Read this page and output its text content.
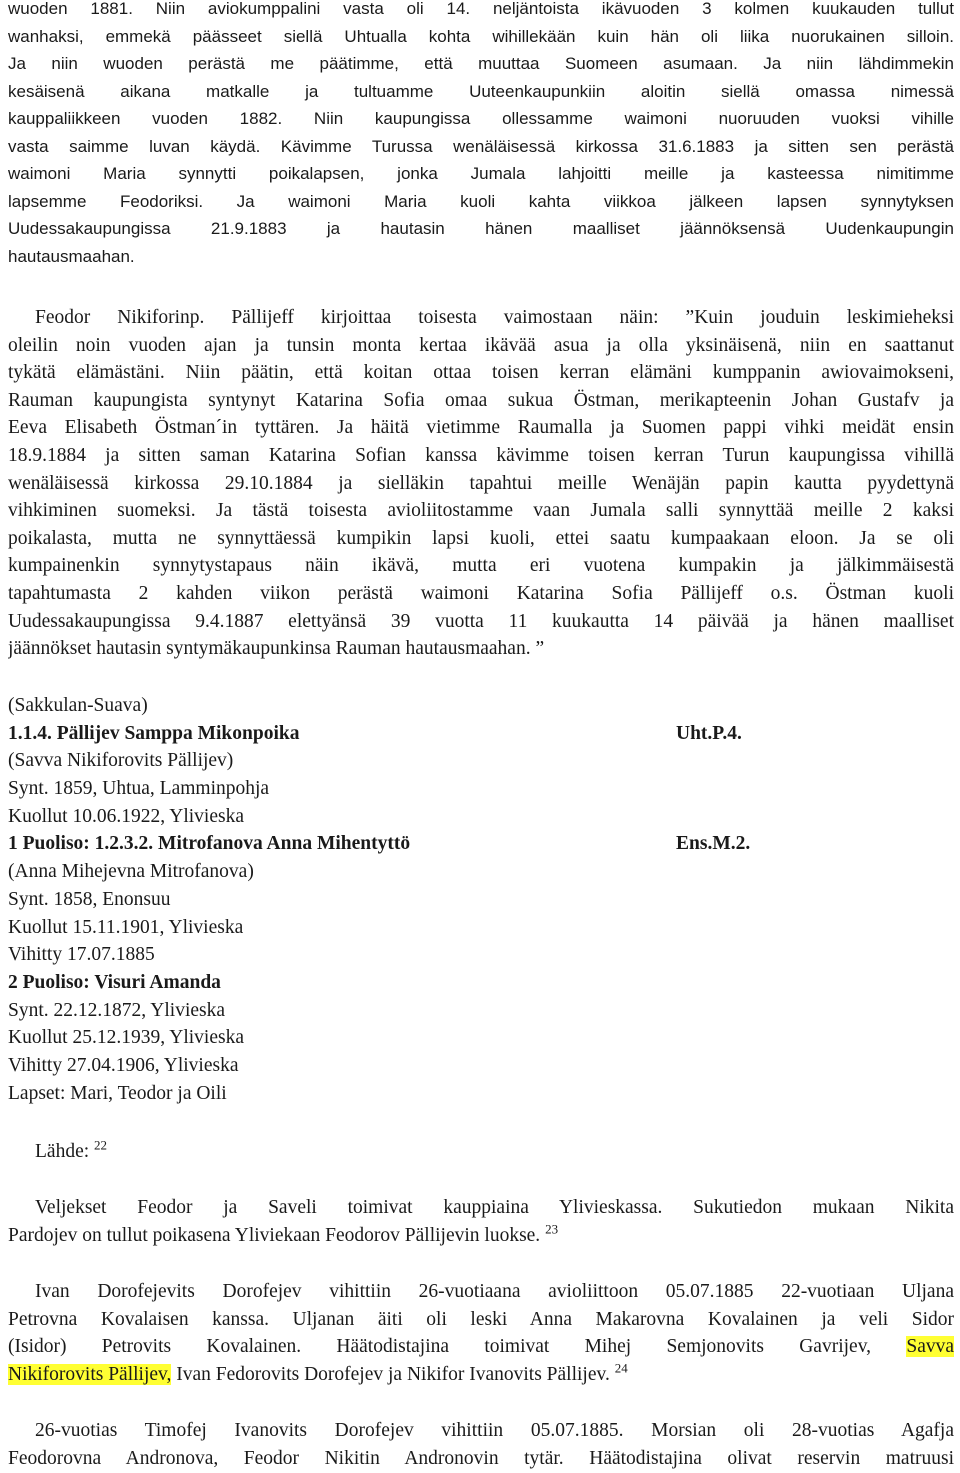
wuoden 1881. Niin aviokumppalini vasta oli 14. neljäntoista ikävuoden 3 kolmen kuukauden tullut
wanhaksi, emmekä päässeet siellä Uhtualla kohta wihillekään kuin hän oli liika nuorukainen silloin.
Ja niin wuoden perästä me päätimme, että muuttaa Suomeen asumaan. Ja niin lähdimmekin
kesäisenä aikana matkalle ja tultuamme Uuteenkaupunkiin aloitin siellä omassa nimessä
kauppaliikkeen vuoden 1882. Niin kaupungissa ollessamme waimoni nuoruuden vuoksi vihille
vasta saimme luvan käydä. Kävimme Turussa wenäläisessä kirkossa 31.6.1883 ja sitten sen perästä
waimoni Maria synnytti poikalapsen, jonka Jumala lahjoitti meille ja kasteessa nimitimme
lapsemme Feodoriksi. Ja waimoni Maria kuoli kahta viikkoa jälkeen lapsen synnytyksen
Uudessakaupungissa 21.9.1883 ja hautasin hänen maalliset jäännöksensä Uudenkaupungin
hautausmaahan.
Feodor Nikiforinp. Pällijeff kirjoittaa toisesta vaimostaan näin: ”Kuin jouduin leskimieheksi
oleilin noin vuoden ajan ja tunsin monta kertaa ikävää asua ja olla yksinäisenä, niin en saattanut
tykätä elämästäni. Niin päätin, että koitan ottaa toisen kerran elämäni kumppanin awiovaimokseni,
Rauman kaupungista syntynyt Katarina Sofia omaa sukua Östman, merikapteenin Johan Gustafv ja
Eeva Elisabeth Östman´in tyttären. Ja häitä vietimme Raumalla ja Suomen pappi vihki meidät ensin
18.9.1884 ja sitten saman Katarina Sofian kanssa kävimme toisen kerran Turun kaupungissa vihillä
wenäläisessä kirkossa 29.10.1884 ja sielläkin tapahtui meille Wenäjän papin kautta pyydettynä
vihkiminen suomeksi. Ja tästä toisesta avioliitostamme vaan Jumala salli synnyttää meille 2 kaksi
poikalasta, mutta ne synnyttäessä kumpikin lapsi kuoli, ettei saatu kumpaakaan eloon. Ja se oli
kumpainenkin synnytystapaus näin ikävä, mutta eri vuotena kumpakin ja jälkimmäisestä
tapahtumasta 2 kahden viikon perästä waimoni Katarina Sofia Pällijeff o.s. Östman kuoli
Uudessakaupungissa 9.4.1887 elettyänsä 39 vuotta 11 kuukautta 14 päivää ja hänen maalliset
jäännökset hautasin syntymäkaupunkinsa Rauman hautausmaahan. ”
(Sakkulan-Suava)
1.1.4. Pällijev Samppa Mikonpoika	Uht.P.4.
(Savva Nikiforovits Pällijev)
Synt. 1859, Uhtua, Lamminpohja
Kuollut 10.06.1922, Ylivieska
1 Puoliso: 1.2.3.2. Mitrofanova Anna Mihentyttö	Ens.M.2.
(Anna Mihejevna Mitrofanova)
Synt. 1858, Enonsuu
Kuollut 15.11.1901, Ylivieska
Vihitty 17.07.1885
2 Puoliso: Visuri Amanda
Synt. 22.12.1872, Ylivieska
Kuollut 25.12.1939, Ylivieska
Vihitty 27.04.1906, Ylivieska
Lapset: Mari, Teodor ja Oili
Lähde: $^{22}$
Veljekset Feodor ja Saveli toimivat kauppiaina Ylivieskassa. Sukutiedon mukaan Nikita
Pardojev on tullut poikasena Yliviekaan Feodorov Pällijevin luokse. $^{23}$
Ivan Dorofejevits Dorofejev vihittiin 26-vuotiaana avioliittoon 05.07.1885 22-vuotiaan Uljana
Petrovna Kovalaisen kanssa. Uljanan äiti oli leski Anna Makarovna Kovalainen ja veli Sidor
(Isidor) Petrovits Kovalainen. Häätodistajina toimivat Mihej Semjonovits Gavrijev, Savva
Nikiforovits Pällijev, Ivan Fedorovits Dorofejev ja Nikifor Ivanovits Pällijev. $^{24}$
26-vuotias Timofej Ivanovits Dorofejev vihittiin 05.07.1885. Morsian oli 28-vuotias Agafja
Feodorovna Andronova, Feodor Nikitin Andronovin tytär. Häätodistajina olivat reservin matruusi
